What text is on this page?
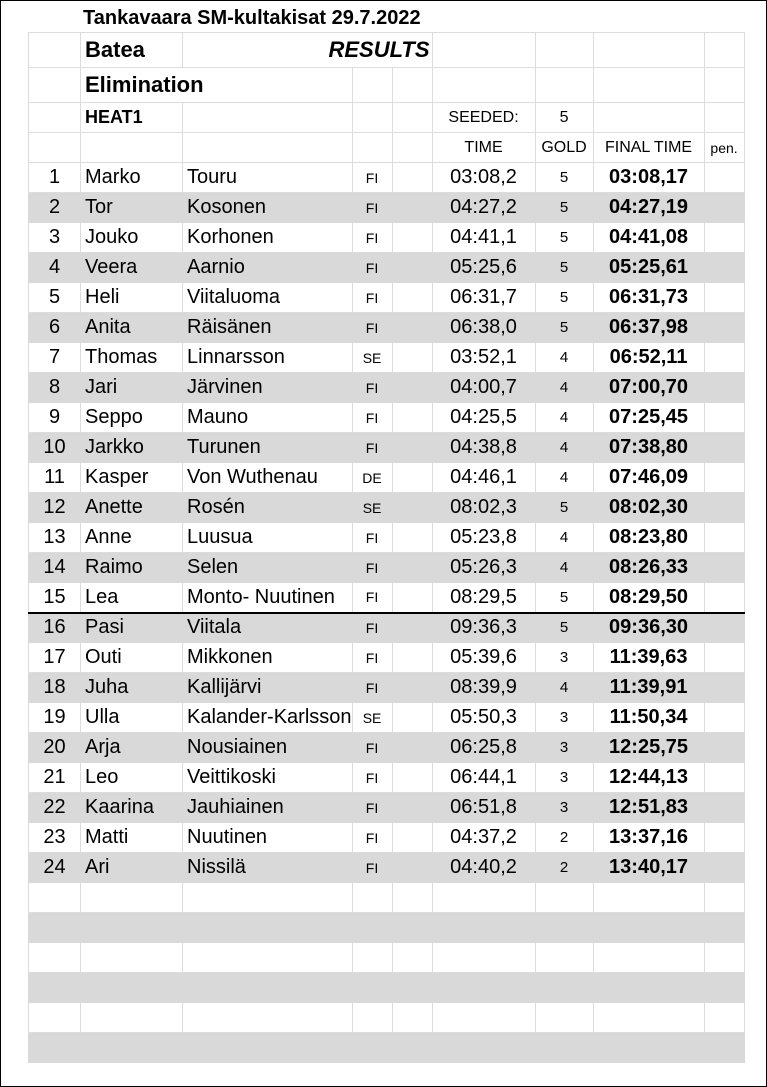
Tankavaara SM-kultakisat 29.7.2022
	Batea	RESULTS						
	Elimination							
	HEAT1				SEEDED:	5		
					TIME	GOLD	FINAL TIME	pen.
1	Marko	Touru	FI		03:08,2	5	03:08,17	
2	Tor	Kosonen	FI		04:27,2	5	04:27,19	
3	Jouko	Korhonen	FI		04:41,1	5	04:41,08	
4	Veera	Aarnio	FI		05:25,6	5	05:25,61	
5	Heli	Viitaluoma	FI		06:31,7	5	06:31,73	
6	Anita	Räisänen	FI		06:38,0	5	06:37,98	
7	Thomas	Linnarsson	SE		03:52,1	4	06:52,11	
8	Jari	Järvinen	FI		04:00,7	4	07:00,70	
9	Seppo	Mauno	FI		04:25,5	4	07:25,45	
10	Jarkko	Turunen	FI		04:38,8	4	07:38,80	
11	Kasper	Von Wuthenau	DE		04:46,1	4	07:46,09	
12	Anette	Rosén	SE		08:02,3	5	08:02,30	
13	Anne	Luusua	FI		05:23,8	4	08:23,80	
14	Raimo	Selen	FI		05:26,3	4	08:26,33	
15	Lea	Monto- Nuutinen	FI		08:29,5	5	08:29,50	
16	Pasi	Viitala	FI		09:36,3	5	09:36,30	
17	Outi	Mikkonen	FI		05:39,6	3	11:39,63	
18	Juha	Kallijärvi	FI		08:39,9	4	11:39,91	
19	Ulla	Kalander-Karlsson	SE		05:50,3	3	11:50,34	
20	Arja	Nousiainen	FI		06:25,8	3	12:25,75	
21	Leo	Veittikoski	FI		06:44,1	3	12:44,13	
22	Kaarina	Jauhiainen	FI		06:51,8	3	12:51,83	
23	Matti	Nuutinen	FI		04:37,2	2	13:37,16	
24	Ari	Nissilä	FI		04:40,2	2	13:40,17	
